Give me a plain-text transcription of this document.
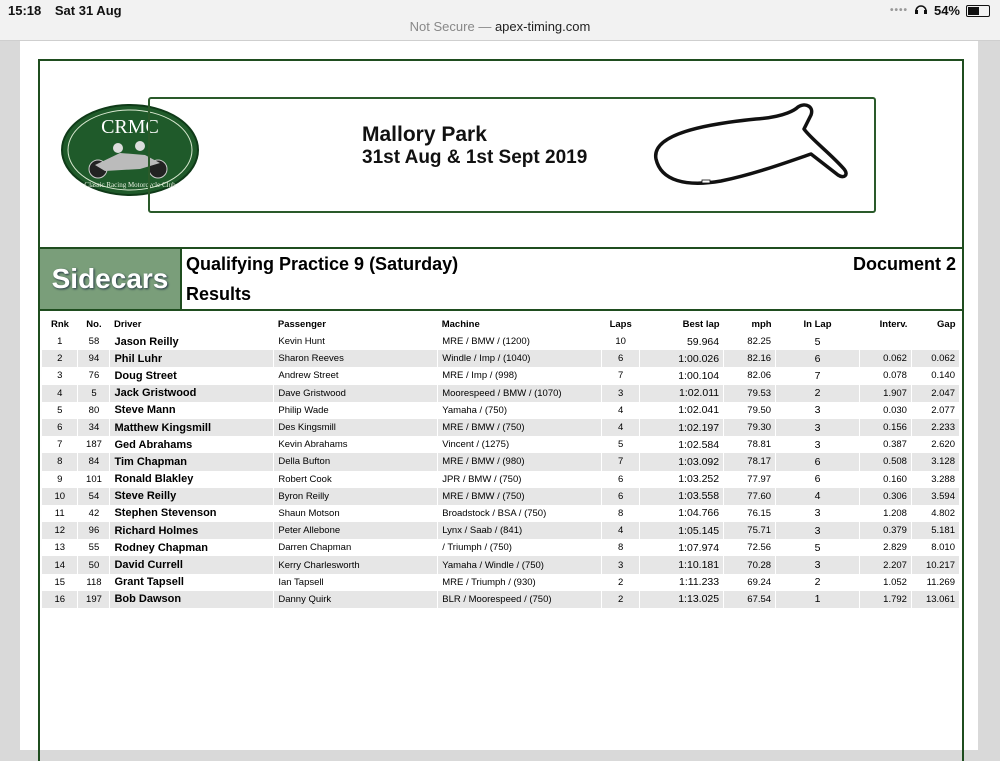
15:18 Sat 31 Aug
Not Secure — apex-timing.com
•••• 54%
CRMC
Classic Racing Motorcycle Club
Mallory Park
31st Aug & 1st Sept 2019
Sidecars Qualifying Practice 9 (Saturday)
Results
Document 2
Rnk	No.	Driver	Passenger	Machine	Laps	Best lap	mph	In Lap	Interv.	Gap
1	58	Jason Reilly	Kevin Hunt	MRE / BMW / (1200)	10	59.964	82.25	5		
2	94	Phil Luhr	Sharon Reeves	Windle / Imp / (1040)	6	1:00.026	82.16	6	0.062	0.062
3	76	Doug Street	Andrew Street	MRE / Imp / (998)	7	1:00.104	82.06	7	0.078	0.140
4	5	Jack Gristwood	Dave Gristwood	Moorespeed / BMW / (1070)	3	1:02.011	79.53	2	1.907	2.047
5	80	Steve Mann	Philip Wade	Yamaha / (750)	4	1:02.041	79.50	3	0.030	2.077
6	34	Matthew Kingsmill	Des Kingsmill	MRE / BMW / (750)	4	1:02.197	79.30	3	0.156	2.233
7	187	Ged Abrahams	Kevin Abrahams	Vincent / (1275)	5	1:02.584	78.81	3	0.387	2.620
8	84	Tim Chapman	Della Bufton	MRE / BMW / (980)	7	1:03.092	78.17	6	0.508	3.128
9	101	Ronald Blakley	Robert Cook	JPR / BMW / (750)	6	1:03.252	77.97	6	0.160	3.288
10	54	Steve Reilly	Byron Reilly	MRE / BMW / (750)	6	1:03.558	77.60	4	0.306	3.594
11	42	Stephen Stevenson	Shaun Motson	Broadstock / BSA / (750)	8	1:04.766	76.15	3	1.208	4.802
12	96	Richard Holmes	Peter Allebone	Lynx / Saab / (841)	4	1:05.145	75.71	3	0.379	5.181
13	55	Rodney Chapman	Darren Chapman	/ Triumph / (750)	8	1:07.974	72.56	5	2.829	8.010
14	50	David Currell	Kerry Charlesworth	Yamaha / Windle / (750)	3	1:10.181	70.28	3	2.207	10.217
15	118	Grant Tapsell	Ian Tapsell	MRE / Triumph / (930)	2	1:11.233	69.24	2	1.052	11.269
16	197	Bob Dawson	Danny Quirk	BLR / Moorespeed / (750)	2	1:13.025	67.54	1	1.792	13.061
